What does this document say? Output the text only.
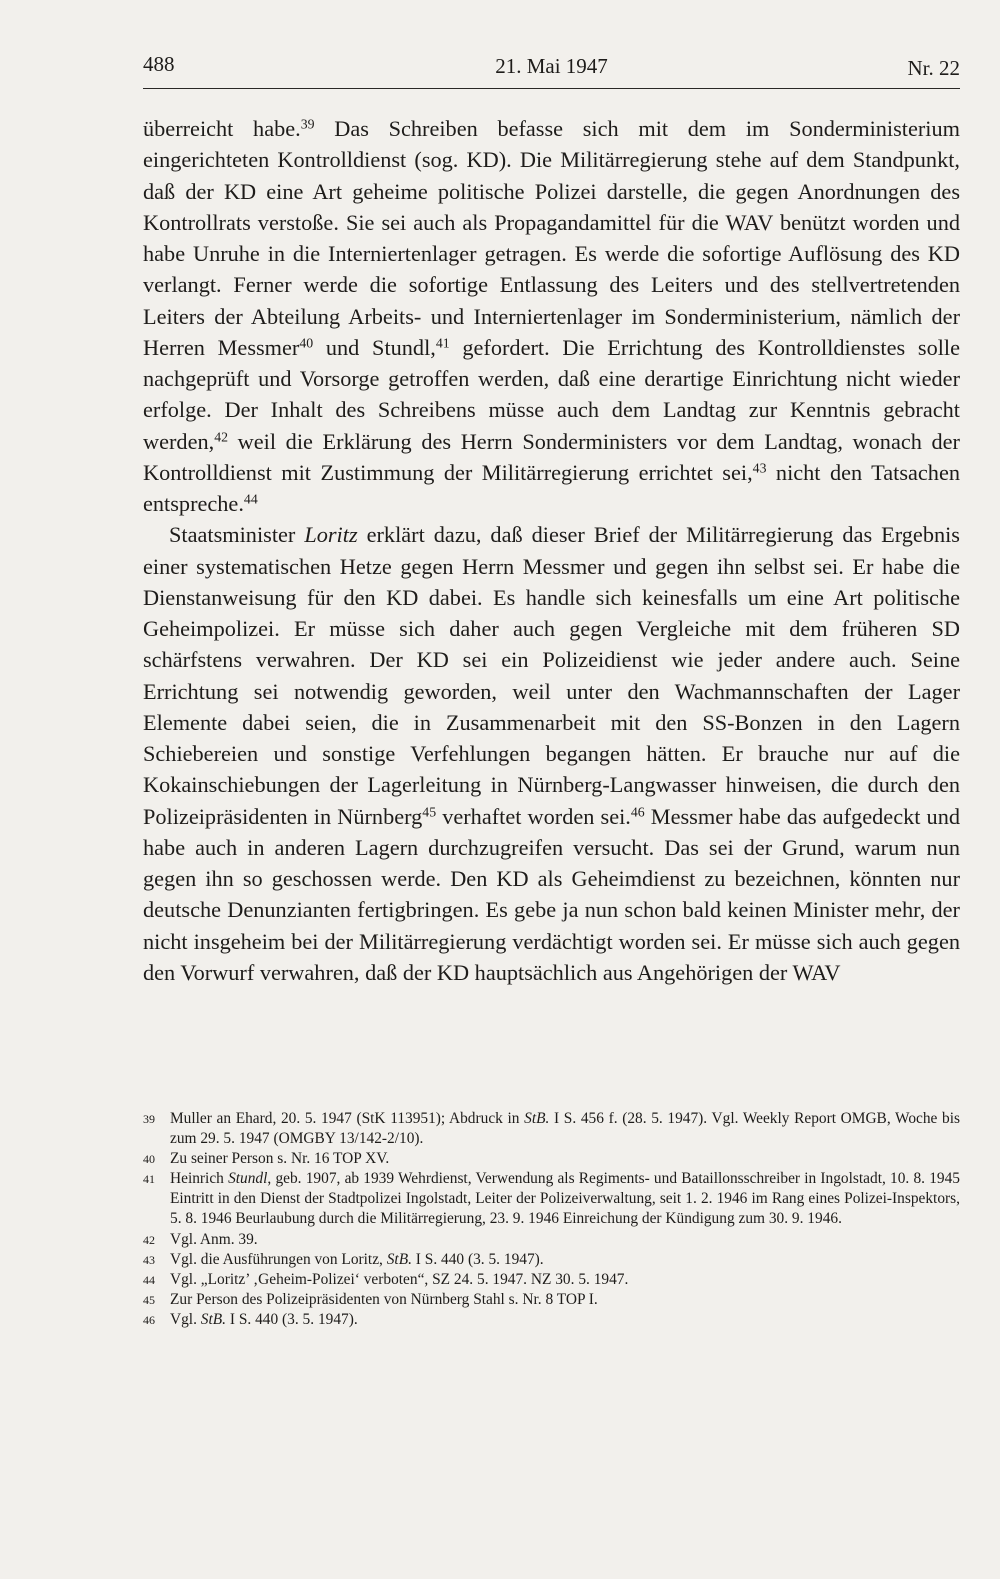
488	21. Mai 1947	Nr. 22

überreicht habe.$^{39}$ Das Schreiben befasse sich mit dem im Sonderministerium eingerichteten Kontrolldienst (sog. KD). Die Militärregierung stehe auf dem Standpunkt, daß der KD eine Art geheime politische Polizei darstelle, die gegen Anordnungen des Kontrollrats verstoße. Sie sei auch als Propagandamittel für die WAV benützt worden und habe Unruhe in die Interniertenlager getragen. Es werde die sofortige Auflösung des KD verlangt. Ferner werde die sofortige Entlassung des Leiters und des stellvertretenden Leiters der Abteilung Arbeits- und Interniertenlager im Sonderministerium, nämlich der Herren Messmer$^{40}$ und Stundl,$^{41}$ gefordert. Die Errichtung des Kontrolldienstes solle nachgeprüft und Vorsorge getroffen werden, daß eine derartige Einrichtung nicht wieder erfolge. Der Inhalt des Schreibens müsse auch dem Landtag zur Kenntnis gebracht werden,$^{42}$ weil die Erklärung des Herrn Sonderministers vor dem Landtag, wonach der Kontrolldienst mit Zustimmung der Militärregierung errichtet sei,$^{43}$ nicht den Tatsachen entspreche.$^{44}$

Staatsminister Loritz erklärt dazu, daß dieser Brief der Militärregierung das Ergebnis einer systematischen Hetze gegen Herrn Messmer und gegen ihn selbst sei. Er habe die Dienstanweisung für den KD dabei. Es handle sich keinesfalls um eine Art politische Geheimpolizei. Er müsse sich daher auch gegen Vergleiche mit dem früheren SD schärfstens verwahren. Der KD sei ein Polizeidienst wie jeder andere auch. Seine Errichtung sei notwendig geworden, weil unter den Wachmannschaften der Lager Elemente dabei seien, die in Zusammenarbeit mit den SS-Bonzen in den Lagern Schiebereien und sonstige Verfehlungen begangen hätten. Er brauche nur auf die Kokainschiebungen der Lagerleitung in Nürnberg-Langwasser hinweisen, die durch den Polizeipräsidenten in Nürnberg$^{45}$ verhaftet worden sei.$^{46}$ Messmer habe das aufgedeckt und habe auch in anderen Lagern durchzugreifen versucht. Das sei der Grund, warum nun gegen ihn so geschossen werde. Den KD als Geheimdienst zu bezeichnen, könnten nur deutsche Denunzianten fertigbringen. Es gebe ja nun schon bald keinen Minister mehr, der nicht insgeheim bei der Militärregierung verdächtigt worden sei. Er müsse sich auch gegen den Vorwurf verwahren, daß der KD hauptsächlich aus Angehörigen der WAV

39 Muller an Ehard, 20. 5. 1947 (StK 113951); Abdruck in StB. I S. 456 f. (28. 5. 1947). Vgl. Weekly Report OMGB, Woche bis zum 29. 5. 1947 (OMGBY 13/142-2/10).
40 Zu seiner Person s. Nr. 16 TOP XV.
41 Heinrich Stundl, geb. 1907, ab 1939 Wehrdienst, Verwendung als Regiments- und Bataillonsschreiber in Ingolstadt, 10. 8. 1945 Eintritt in den Dienst der Stadtpolizei Ingolstadt, Leiter der Polizeiverwaltung, seit 1. 2. 1946 im Rang eines Polizei-Inspektors, 5. 8. 1946 Beurlaubung durch die Militärregierung, 23. 9. 1946 Einreichung der Kündigung zum 30. 9. 1946.
42 Vgl. Anm. 39.
43 Vgl. die Ausführungen von Loritz, StB. I S. 440 (3. 5. 1947).
44 Vgl. „Loritz’ ‚Geheim-Polizei‘ verboten“, SZ 24. 5. 1947. NZ 30. 5. 1947.
45 Zur Person des Polizeipräsidenten von Nürnberg Stahl s. Nr. 8 TOP I.
46 Vgl. StB. I S. 440 (3. 5. 1947).
